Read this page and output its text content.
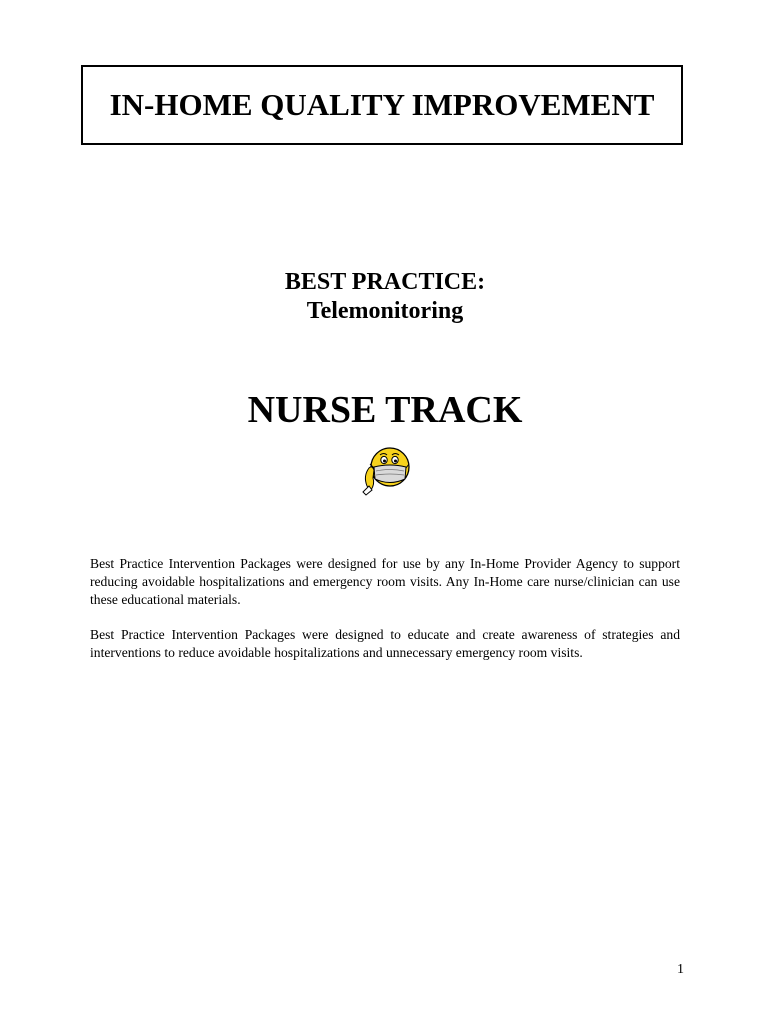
IN-HOME QUALITY IMPROVEMENT
BEST PRACTICE:
Telemonitoring
NURSE TRACK

Best Practice Intervention Packages were designed for use by any In-Home Provider Agency to support reducing avoidable hospitalizations and emergency room visits. Any In-Home care nurse/clinician can use these educational materials.

Best Practice Intervention Packages were designed to educate and create awareness of strategies and interventions to reduce avoidable hospitalizations and unnecessary emergency room visits.

1
